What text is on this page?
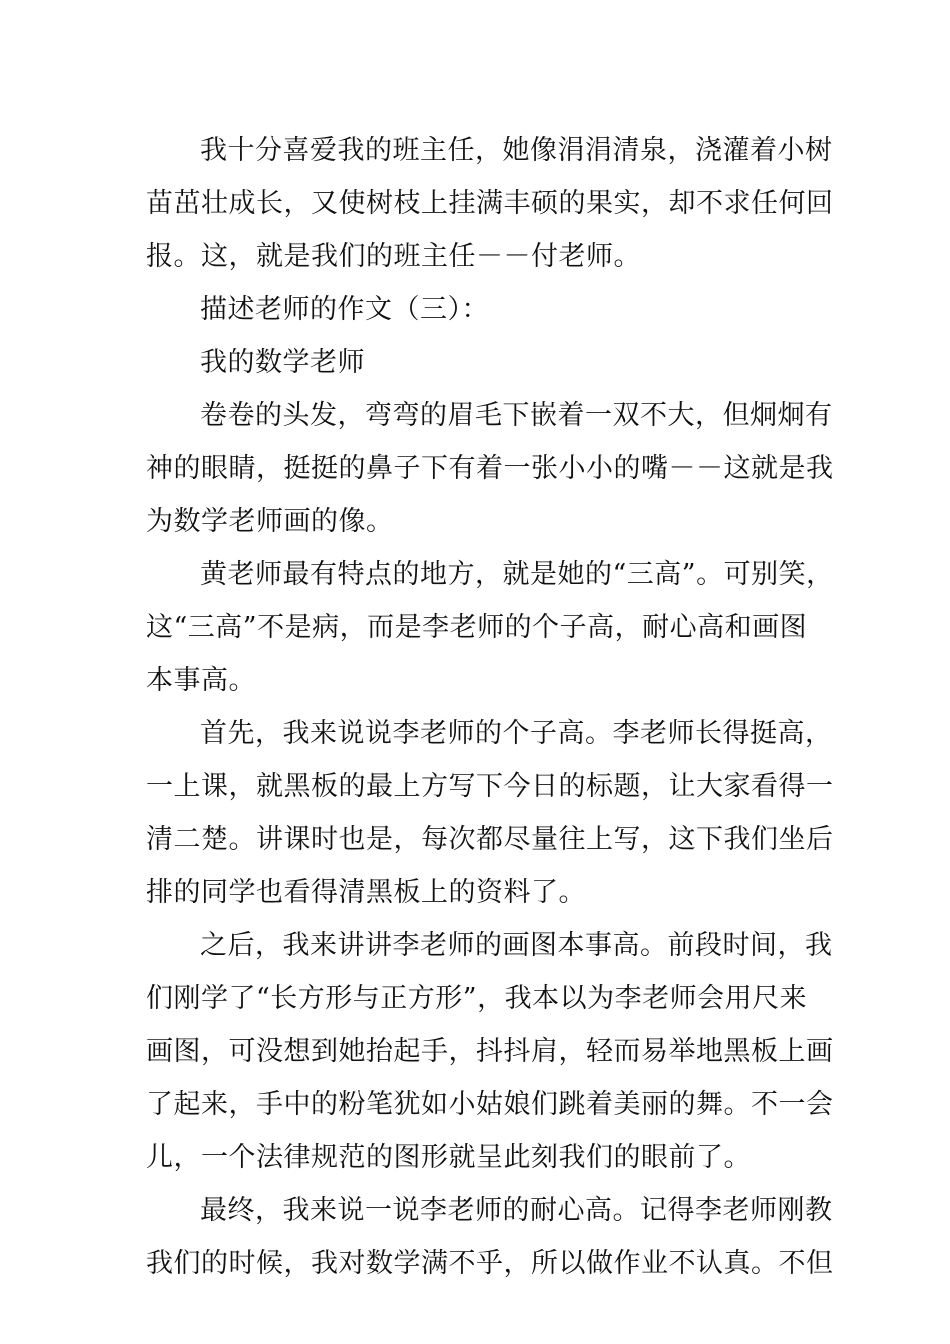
我十分喜爱我的班主任，她像涓涓清泉，浇灌着小树
苗茁壮成长，又使树枝上挂满丰硕的果实，却不求任何回
报。这，就是我们的班主任－－付老师。

描述老师的作文（三）：

我的数学老师

卷卷的头发，弯弯的眉毛下嵌着一双不大，但炯炯有
神的眼睛，挺挺的鼻子下有着一张小小的嘴－－这就是我
为数学老师画的像。

黄老师最有特点的地方，就是她的“三高”。可别笑，
这“三高”不是病，而是李老师的个子高，耐心高和画图
本事高。

首先，我来说说李老师的个子高。李老师长得挺高，
一上课，就黑板的最上方写下今日的标题，让大家看得一
清二楚。讲课时也是，每次都尽量往上写，这下我们坐后
排的同学也看得清黑板上的资料了。

之后，我来讲讲李老师的画图本事高。前段时间，我
们刚学了“长方形与正方形”，我本以为李老师会用尺来
画图，可没想到她抬起手，抖抖肩，轻而易举地黑板上画
了起来，手中的粉笔犹如小姑娘们跳着美丽的舞。不一会
儿，一个法律规范的图形就呈此刻我们的眼前了。

最终，我来说一说李老师的耐心高。记得李老师刚教
我们的时候，我对数学满不乎，所以做作业不认真。不但
